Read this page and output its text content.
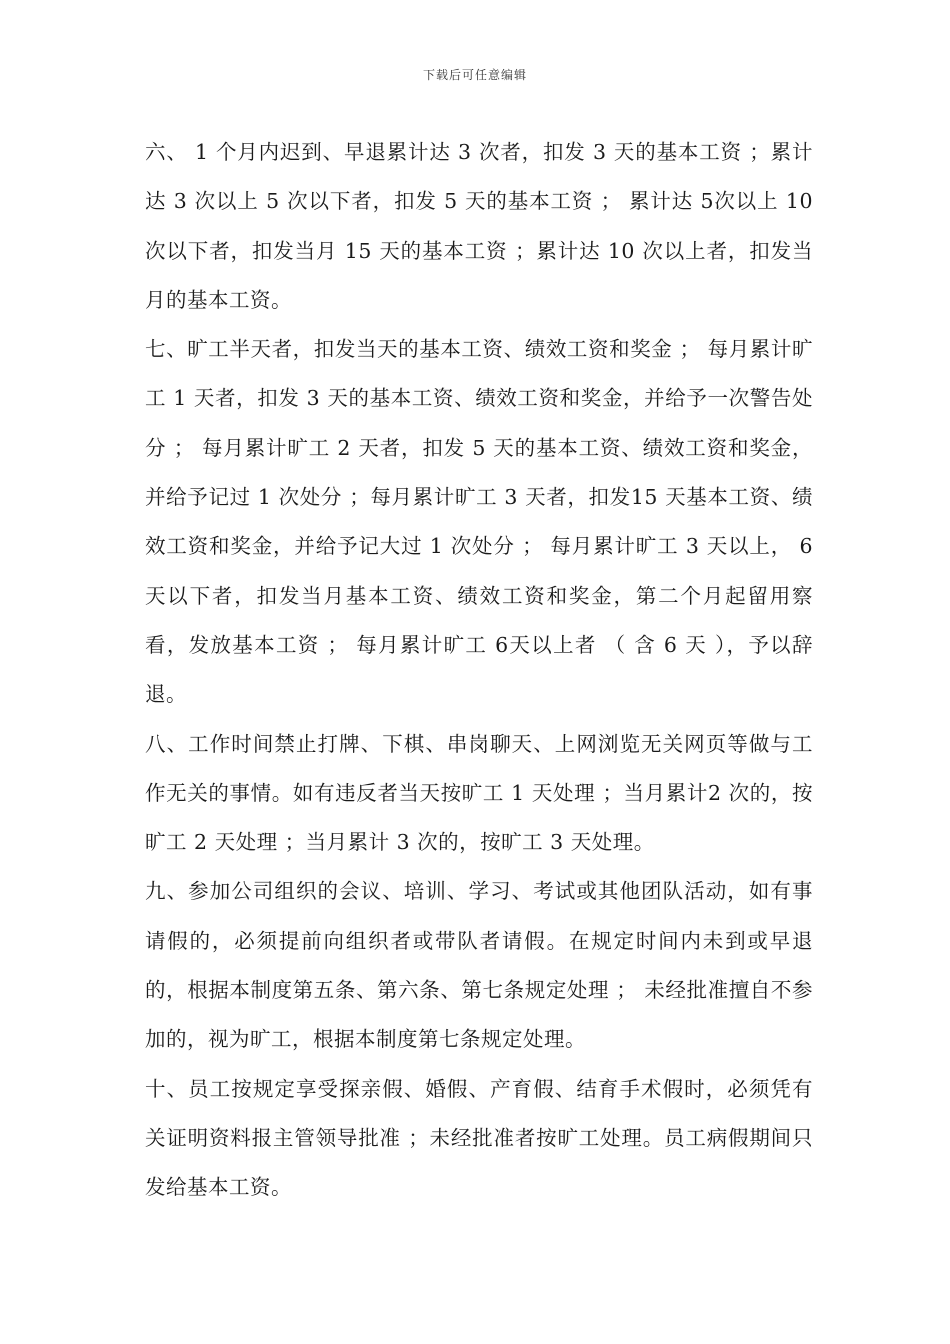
下载后可任意编辑

六、 1 个月内迟到、早退累计达 3 次者，扣发 3 天的基本工资 ；累计达 3 次以上 5 次以下者，扣发 5 天的基本工资 ； 累计达 5次以上 10 次以下者，扣发当月 15 天的基本工资 ；累计达 10 次以上者，扣发当月的基本工资。

七、旷工半天者，扣发当天的基本工资、绩效工资和奖金 ； 每月累计旷工 1 天者，扣发 3 天的基本工资、绩效工资和奖金，并给予一次警告处分 ； 每月累计旷工 2 天者，扣发 5 天的基本工资、绩效工资和奖金，并给予记过 1 次处分 ；每月累计旷工 3 天者，扣发15 天基本工资、绩效工资和奖金，并给予记大过 1 次处分 ； 每月累计旷工 3 天以上， 6 天以下者，扣发当月基本工资、绩效工资和奖金，第二个月起留用察看，发放基本工资 ； 每月累计旷工 6天以上者 （ 含 6 天 ），予以辞退。

八、工作时间禁止打牌、下棋、串岗聊天、上网浏览无关网页等做与工作无关的事情。如有违反者当天按旷工 1 天处理 ；当月累计2 次的，按旷工 2 天处理 ；当月累计 3 次的，按旷工 3 天处理。

九、参加公司组织的会议、培训、学习、考试或其他团队活动，如有事请假的，必须提前向组织者或带队者请假。在规定时间内未到或早退的，根据本制度第五条、第六条、第七条规定处理 ； 未经批准擅自不参加的，视为旷工，根据本制度第七条规定处理。

十、员工按规定享受探亲假、婚假、产育假、结育手术假时，必须凭有关证明资料报主管领导批准 ；未经批准者按旷工处理。员工病假期间只发给基本工资。
